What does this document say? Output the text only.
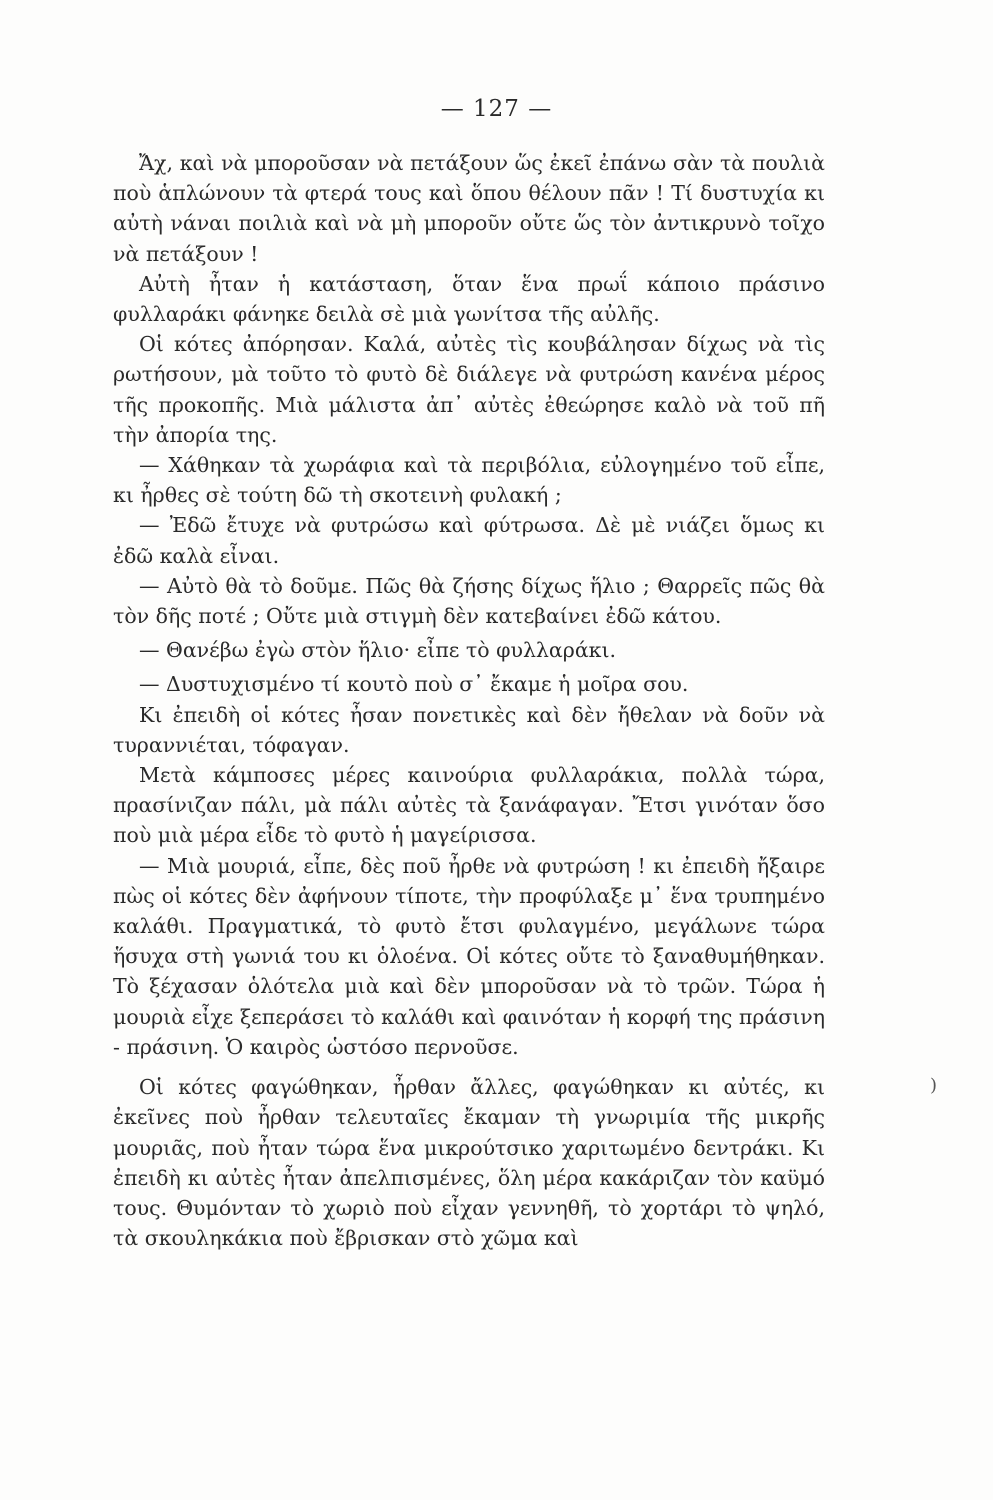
— 127 —

Ἄχ, καὶ νὰ μποροῦσαν νὰ πετάξουν ὥς ἐκεῖ ἐπάνω σὰν τὰ πουλιὰ ποὺ ἁπλώνουν τὰ φτερά τους καὶ ὅπου θέλουν πᾶν ! Τί δυστυχία κι αὐτὴ νάναι ποιλιὰ καὶ νὰ μὴ μποροῦν οὔτε ὥς τὸν ἀντικρυνὸ τοῖχο νὰ πετάξουν !

Αὐτὴ ἦταν ἡ κατάσταση, ὅταν ἕνα πρωΐ κάποιο πράσινο φυλλαράκι φάνηκε δειλὰ σὲ μιὰ γωνίτσα τῆς αὐλῆς.

Οἱ κότες ἀπόρησαν. Καλά, αὐτὲς τὶς κουβάλησαν δίχως νὰ τὶς ρωτήσουν, μὰ τοῦτο τὸ φυτὸ δὲ διάλεγε νὰ φυτρώση κανένα μέρος τῆς προκοπῆς. Μιὰ μάλιστα ἀπ᾿ αὐτὲς ἐθεώρησε καλὸ νὰ τοῦ πῆ τὴν ἀπορία της.

— Χάθηκαν τὰ χωράφια καὶ τὰ περιβόλια, εὐλογημένο τοῦ εἶπε, κι ἦρθες σὲ τούτη δῶ τὴ σκοτεινὴ φυλακή ;

— Ἐδῶ ἔτυχε νὰ φυτρώσω καὶ φύτρωσα. Δὲ μὲ νιάζει ὅμως κι ἐδῶ καλὰ εἶναι.

— Αὐτὸ θὰ τὸ δοῦμε. Πῶς θὰ ζήσης δίχως ἥλιο ; Θαρρεῖς πῶς θὰ τὸν δῆς ποτέ ; Οὔτε μιὰ στιγμὴ δὲν κατεβαίνει ἐδῶ κάτου.

— Θανέβω ἐγὼ στὸν ἥλιο· εἶπε τὸ φυλλαράκι.

— Δυστυχισμένο τί κουτὸ ποὺ σ᾿ ἔκαμε ἡ μοῖρα σου.

Κι ἐπειδὴ οἱ κότες ἦσαν πονετικὲς καὶ δὲν ἤθελαν νὰ δοῦν νὰ τυραννιέται, τόφαγαν.

Μετὰ κάμποσες μέρες καινούρια φυλλαράκια, πολλὰ τώρα, πρασίνιζαν πάλι, μὰ πάλι αὐτὲς τὰ ξανάφαγαν. Ἔτσι γινόταν ὅσο ποὺ μιὰ μέρα εἶδε τὸ φυτὸ ἡ μαγείρισσα.

— Μιὰ μουριά, εἶπε, δὲς ποῦ ἦρθε νὰ φυτρώση ! κι ἐπειδὴ ἤξαιρε πὼς οἱ κότες δὲν ἀφήνουν τίποτε, τὴν προφύλαξε μ᾿ ἕνα τρυπημένο καλάθι. Πραγματικά, τὸ φυτὸ ἔτσι φυλαγμένο, μεγάλωνε τώρα ἥσυχα στὴ γωνιά του κι ὁλοένα. Οἱ κότες οὔτε τὸ ξαναθυμήθηκαν. Τὸ ξέχασαν ὁλότελα μιὰ καὶ δὲν μποροῦσαν νὰ τὸ τρῶν. Τώρα ἡ μουριὰ εἶχε ξεπεράσει τὸ καλάθι καὶ φαινόταν ἡ κορφή της πράσινη - πράσινη. Ὁ καιρὸς ὡστόσο περνοῦσε.

Οἱ κότες φαγώθηκαν, ἦρθαν ἄλλες, φαγώθηκαν κι αὐτές, κι ἐκεῖνες ποὺ ἦρθαν τελευταῖες ἔκαμαν τὴ γνωριμία τῆς μικρῆς μουριᾶς, ποὺ ἦταν τώρα ἕνα μικρούτσικο χαριτωμένο δεντράκι. Κι ἐπειδὴ κι αὐτὲς ἦταν ἀπελπισμένες, ὅλη μέρα κακάριζαν τὸν καϋμό τους. Θυμόνταν τὸ χωριὸ ποὺ εἶχαν γεννηθῆ, τὸ χορτάρι τὸ ψηλό, τὰ σκουληκάκια ποὺ ἔβρισκαν στὸ χῶμα καὶ

)
